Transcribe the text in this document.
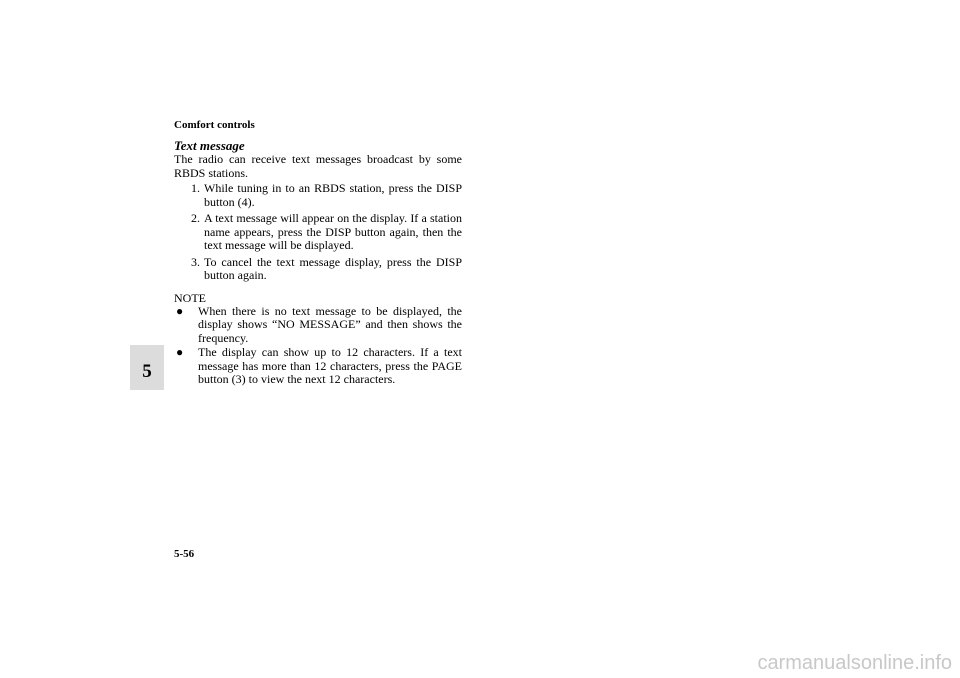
Comfort controls
5
Text message
The radio can receive text messages broadcast by some RBDS stations.
1. While tuning in to an RBDS station, press the DISP button (4).
2. A text message will appear on the display. If a station name appears, press the DISP button again, then the text message will be displayed.
3. To cancel the text message display, press the DISP button again.
NOTE
●	When there is no text message to be displayed, the display shows “NO MESSAGE” and then shows the frequency.
●	The display can show up to 12 characters. If a text message has more than 12 characters, press the PAGE button (3) to view the next 12 characters.
5-56
carmanualsonline.info
